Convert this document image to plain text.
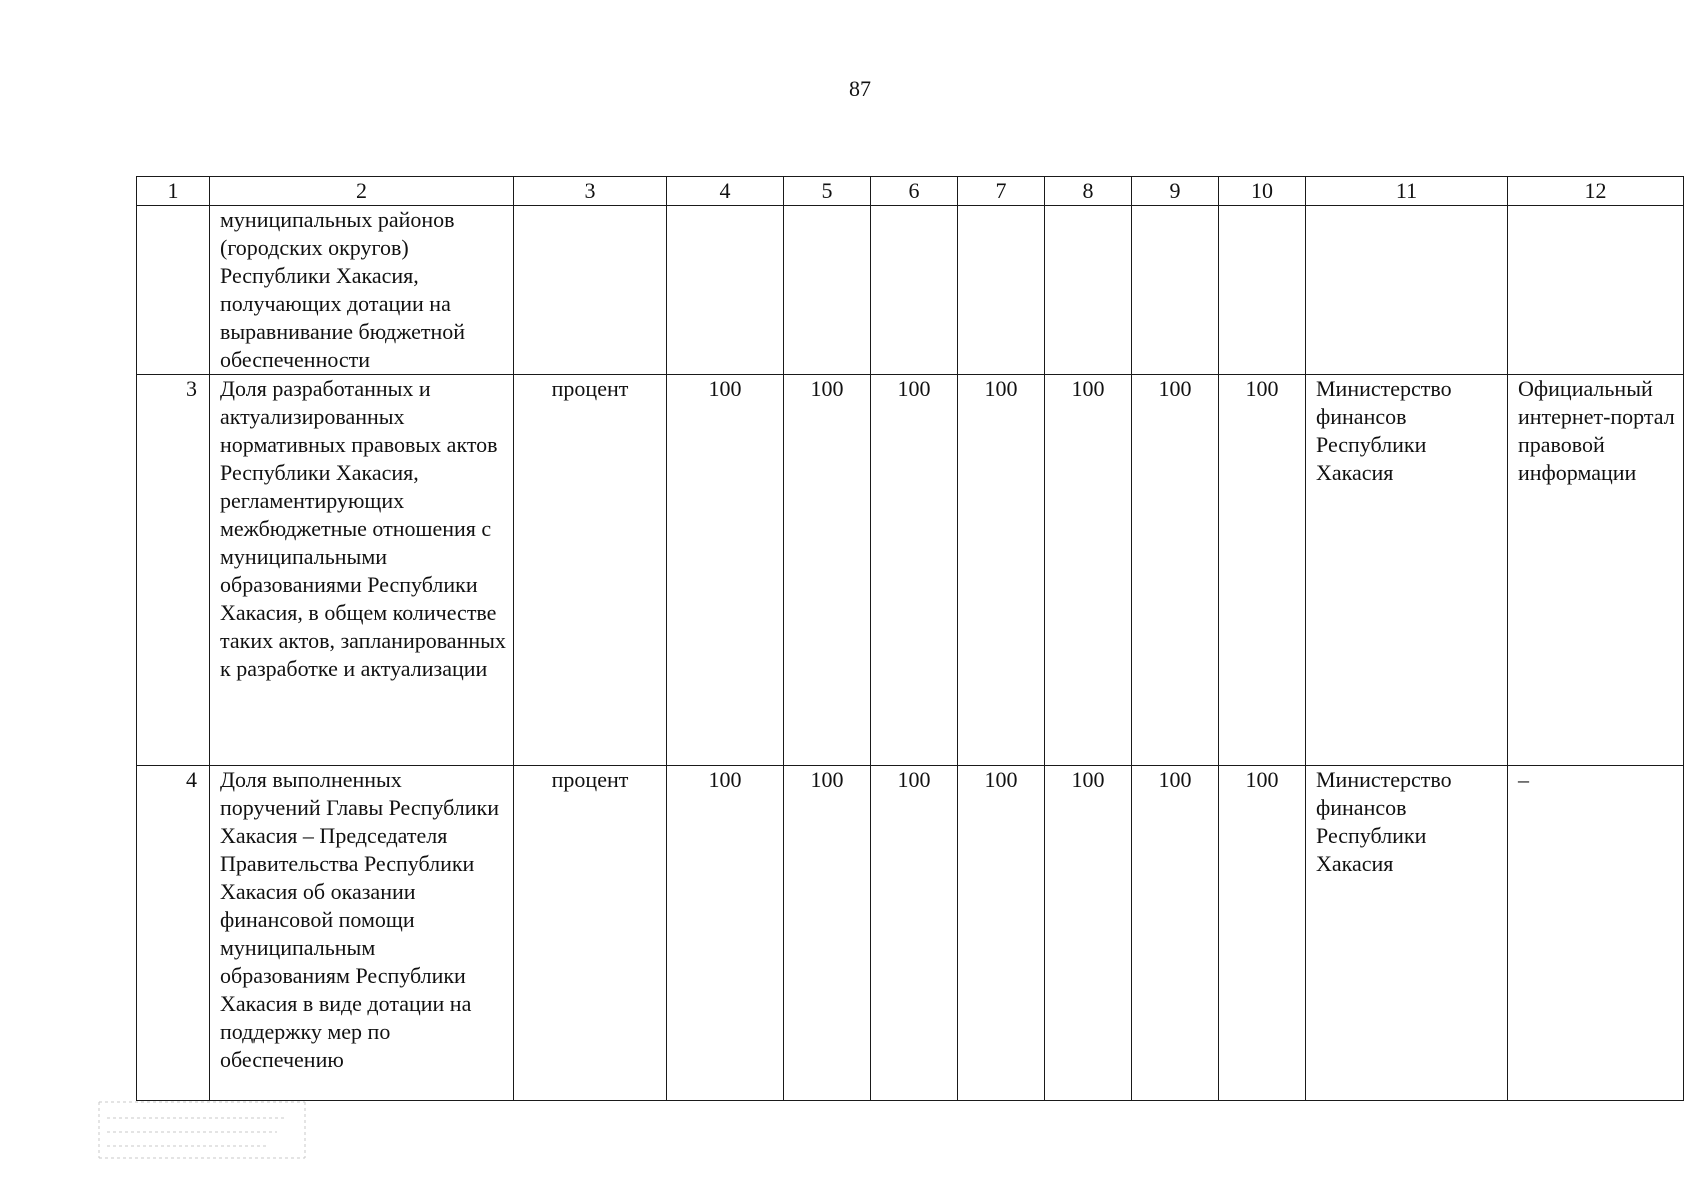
87
1	2	3	4	5	6	7	8	9	10	11	12
	муниципальных районов (городских округов) Республики Хакасия, получающих дотации на выравнивание бюджетной обеспеченности										
3	Доля разработанных и актуализированных нормативных правовых актов Республики Хакасия, регламентирующих межбюджетные отношения с муниципальными образованиями Республики Хакасия, в общем количестве таких актов, запланированных к разработке и актуализации	процент	100	100	100	100	100	100	100	Министерство финансов Республики Хакасия	Официальный интернет-портал правовой информации
4	Доля выполненных поручений Главы Республики Хакасия – Председателя Правительства Республики Хакасия об оказании финансовой помощи муниципальным образованиям Республики Хакасия в виде дотации на поддержку мер по обеспечению	процент	100	100	100	100	100	100	100	Министерство финансов Республики Хакасия	–
